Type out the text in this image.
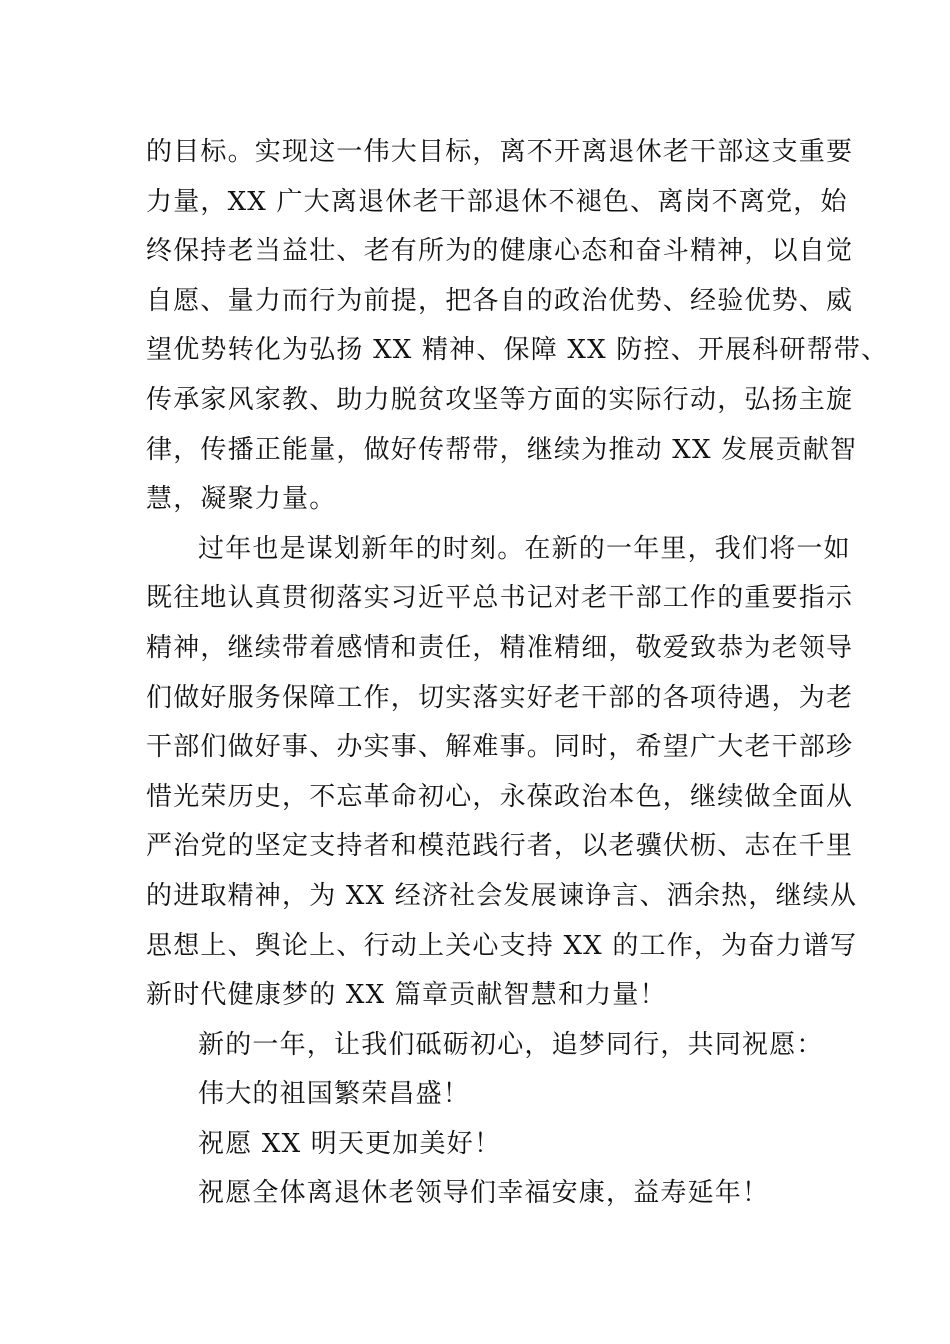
的目标。实现这一伟大目标，离不开离退休老干部这支重要
力量，XX 广大离退休老干部退休不褪色、离岗不离党，始
终保持老当益壮、老有所为的健康心态和奋斗精神，以自觉
自愿、量力而行为前提，把各自的政治优势、经验优势、威
望优势转化为弘扬 XX 精神、保障 XX 防控、开展科研帮带、
传承家风家教、助力脱贫攻坚等方面的实际行动，弘扬主旋
律，传播正能量，做好传帮带，继续为推动 XX 发展贡献智
慧，凝聚力量。
过年也是谋划新年的时刻。在新的一年里，我们将一如
既往地认真贯彻落实习近平总书记对老干部工作的重要指示
精神，继续带着感情和责任，精准精细，敬爱致恭为老领导
们做好服务保障工作，切实落实好老干部的各项待遇，为老
干部们做好事、办实事、解难事。同时，希望广大老干部珍
惜光荣历史，不忘革命初心，永葆政治本色，继续做全面从
严治党的坚定支持者和模范践行者，以老骥伏枥、志在千里
的进取精神，为 XX 经济社会发展谏诤言、洒余热，继续从
思想上、舆论上、行动上关心支持 XX 的工作，为奋力谱写
新时代健康梦的 XX 篇章贡献智慧和力量！
新的一年，让我们砥砺初心，追梦同行，共同祝愿：
伟大的祖国繁荣昌盛！
祝愿 XX 明天更加美好！
祝愿全体离退休老领导们幸福安康，益寿延年！
